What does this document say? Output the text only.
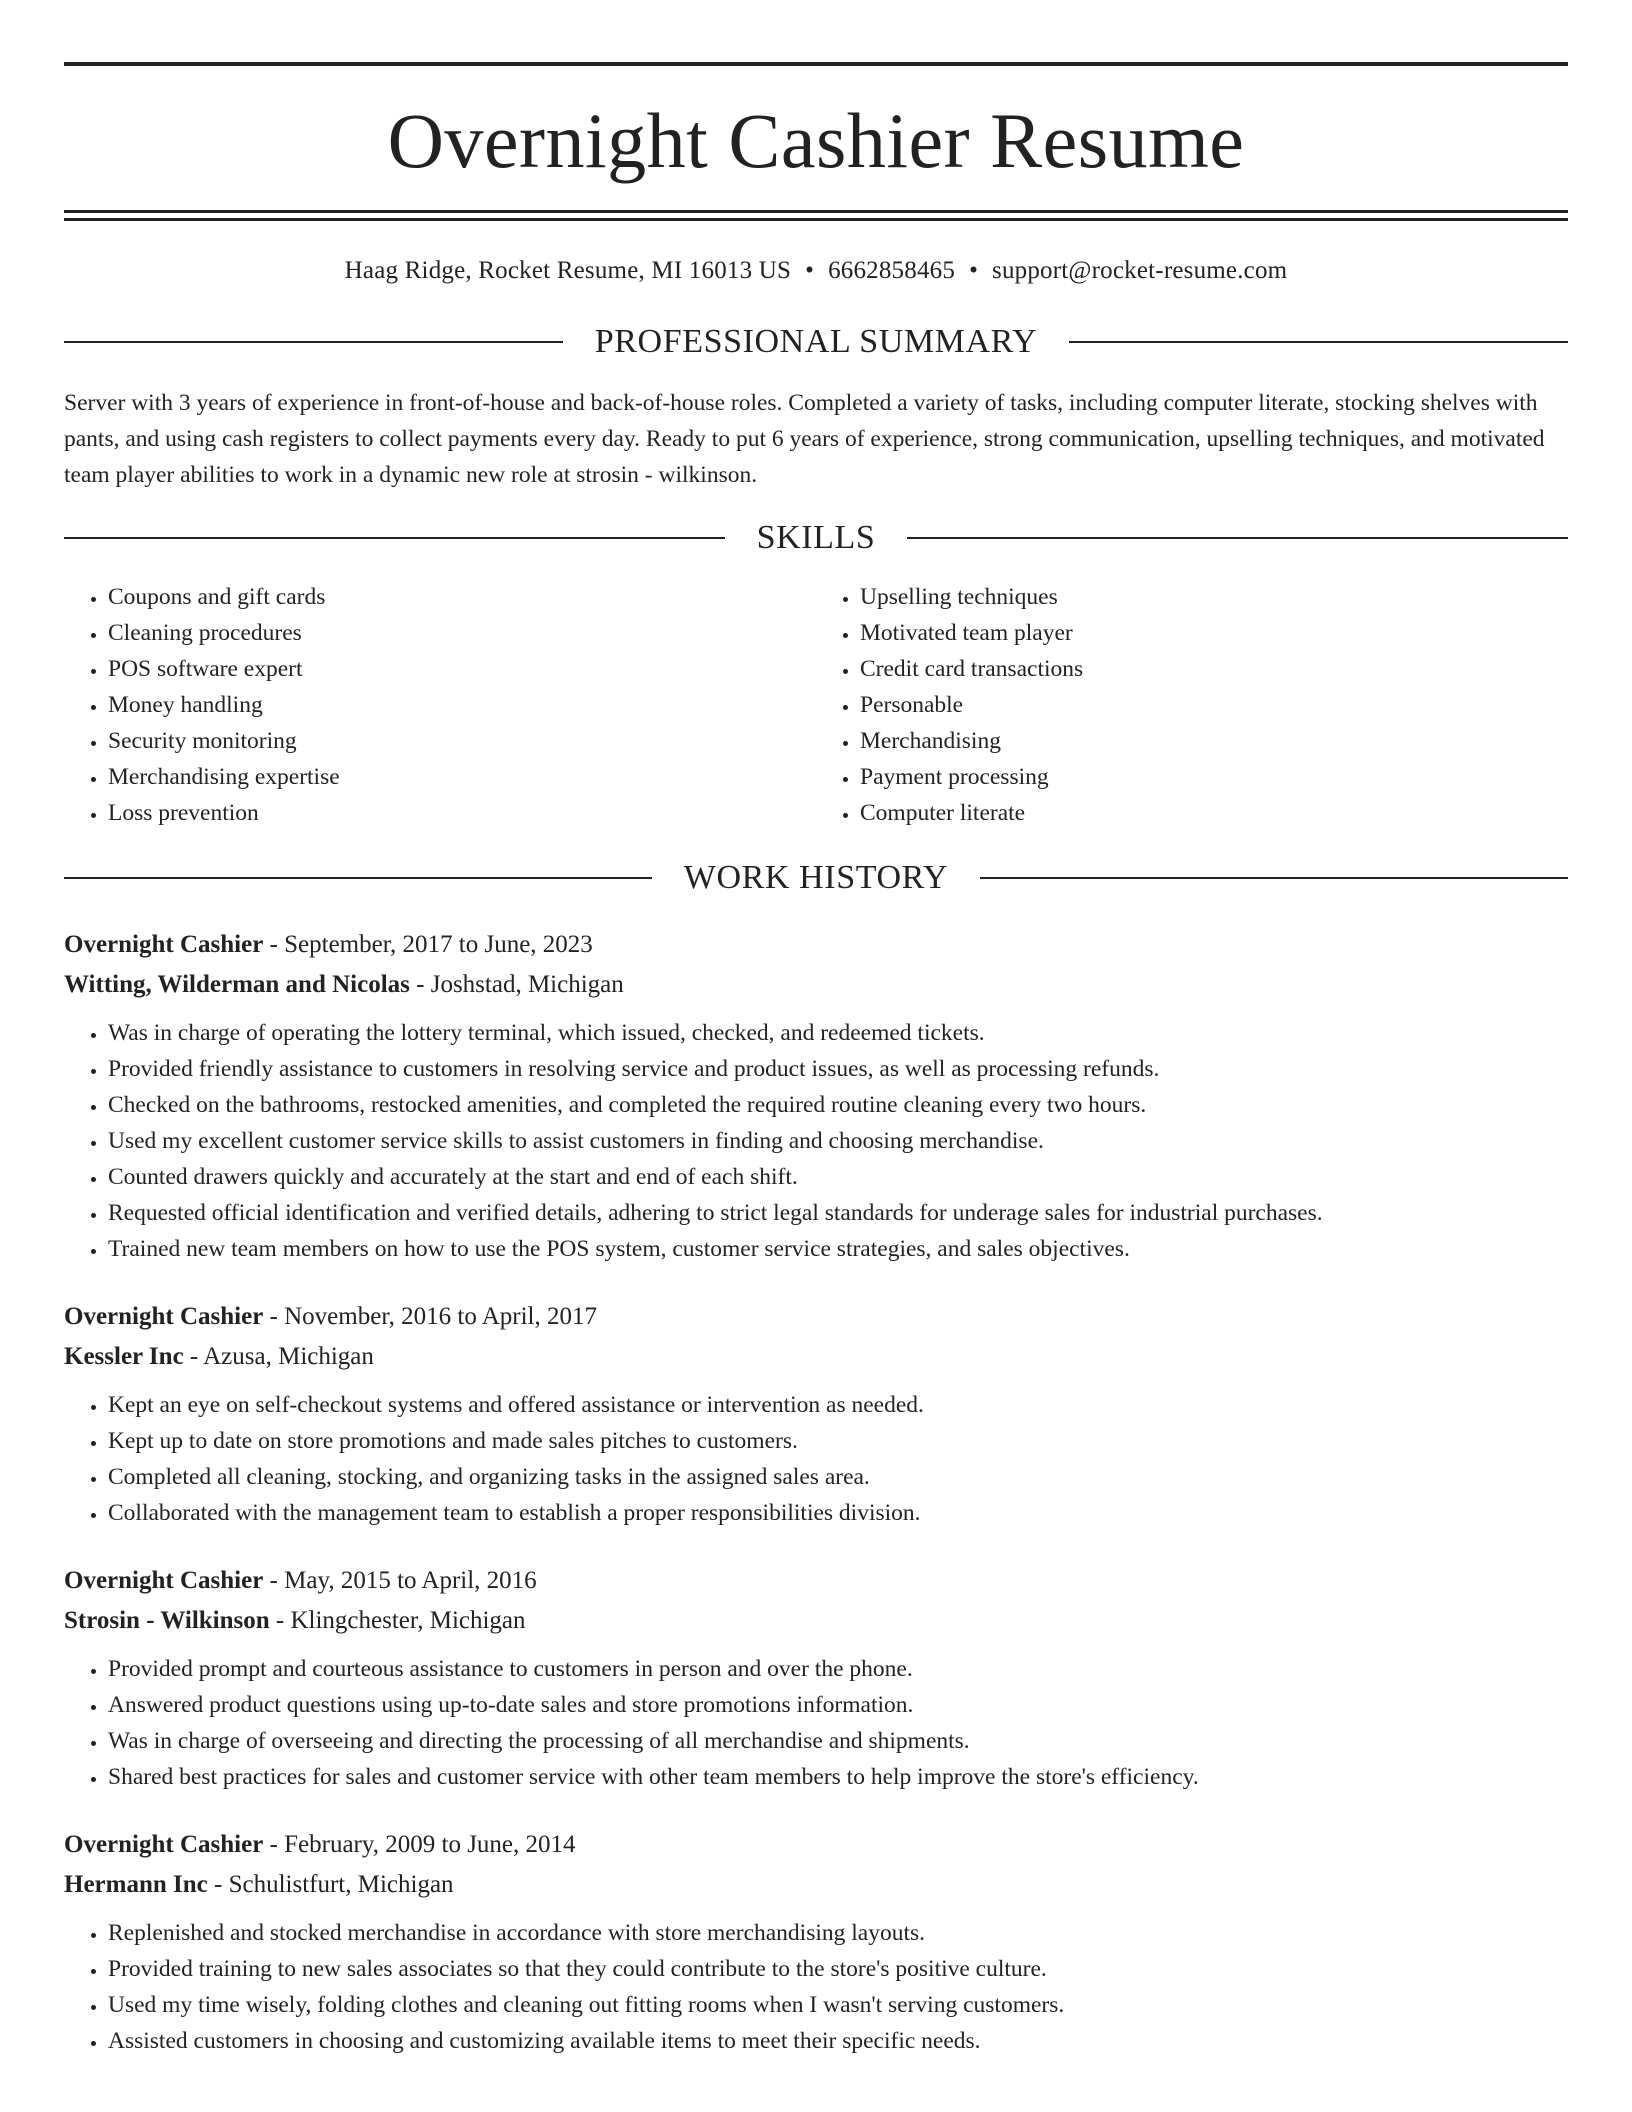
Overnight Cashier Resume
Haag Ridge, Rocket Resume, MI 16013 US • 6662858465 • support@rocket-resume.com
PROFESSIONAL SUMMARY
Server with 3 years of experience in front-of-house and back-of-house roles. Completed a variety of tasks, including computer literate, stocking shelves with pants, and using cash registers to collect payments every day. Ready to put 6 years of experience, strong communication, upselling techniques, and motivated team player abilities to work in a dynamic new role at strosin - wilkinson.
SKILLS
• Coupons and gift cards
• Cleaning procedures
• POS software expert
• Money handling
• Security monitoring
• Merchandising expertise
• Loss prevention
• Upselling techniques
• Motivated team player
• Credit card transactions
• Personable
• Merchandising
• Payment processing
• Computer literate
WORK HISTORY
Overnight Cashier - September, 2017 to June, 2023
Witting, Wilderman and Nicolas - Joshstad, Michigan
• Was in charge of operating the lottery terminal, which issued, checked, and redeemed tickets.
• Provided friendly assistance to customers in resolving service and product issues, as well as processing refunds.
• Checked on the bathrooms, restocked amenities, and completed the required routine cleaning every two hours.
• Used my excellent customer service skills to assist customers in finding and choosing merchandise.
• Counted drawers quickly and accurately at the start and end of each shift.
• Requested official identification and verified details, adhering to strict legal standards for underage sales for industrial purchases.
• Trained new team members on how to use the POS system, customer service strategies, and sales objectives.
Overnight Cashier - November, 2016 to April, 2017
Kessler Inc - Azusa, Michigan
• Kept an eye on self-checkout systems and offered assistance or intervention as needed.
• Kept up to date on store promotions and made sales pitches to customers.
• Completed all cleaning, stocking, and organizing tasks in the assigned sales area.
• Collaborated with the management team to establish a proper responsibilities division.
Overnight Cashier - May, 2015 to April, 2016
Strosin - Wilkinson - Klingchester, Michigan
• Provided prompt and courteous assistance to customers in person and over the phone.
• Answered product questions using up-to-date sales and store promotions information.
• Was in charge of overseeing and directing the processing of all merchandise and shipments.
• Shared best practices for sales and customer service with other team members to help improve the store's efficiency.
Overnight Cashier - February, 2009 to June, 2014
Hermann Inc - Schulistfurt, Michigan
• Replenished and stocked merchandise in accordance with store merchandising layouts.
• Provided training to new sales associates so that they could contribute to the store's positive culture.
• Used my time wisely, folding clothes and cleaning out fitting rooms when I wasn't serving customers.
• Assisted customers in choosing and customizing available items to meet their specific needs.
